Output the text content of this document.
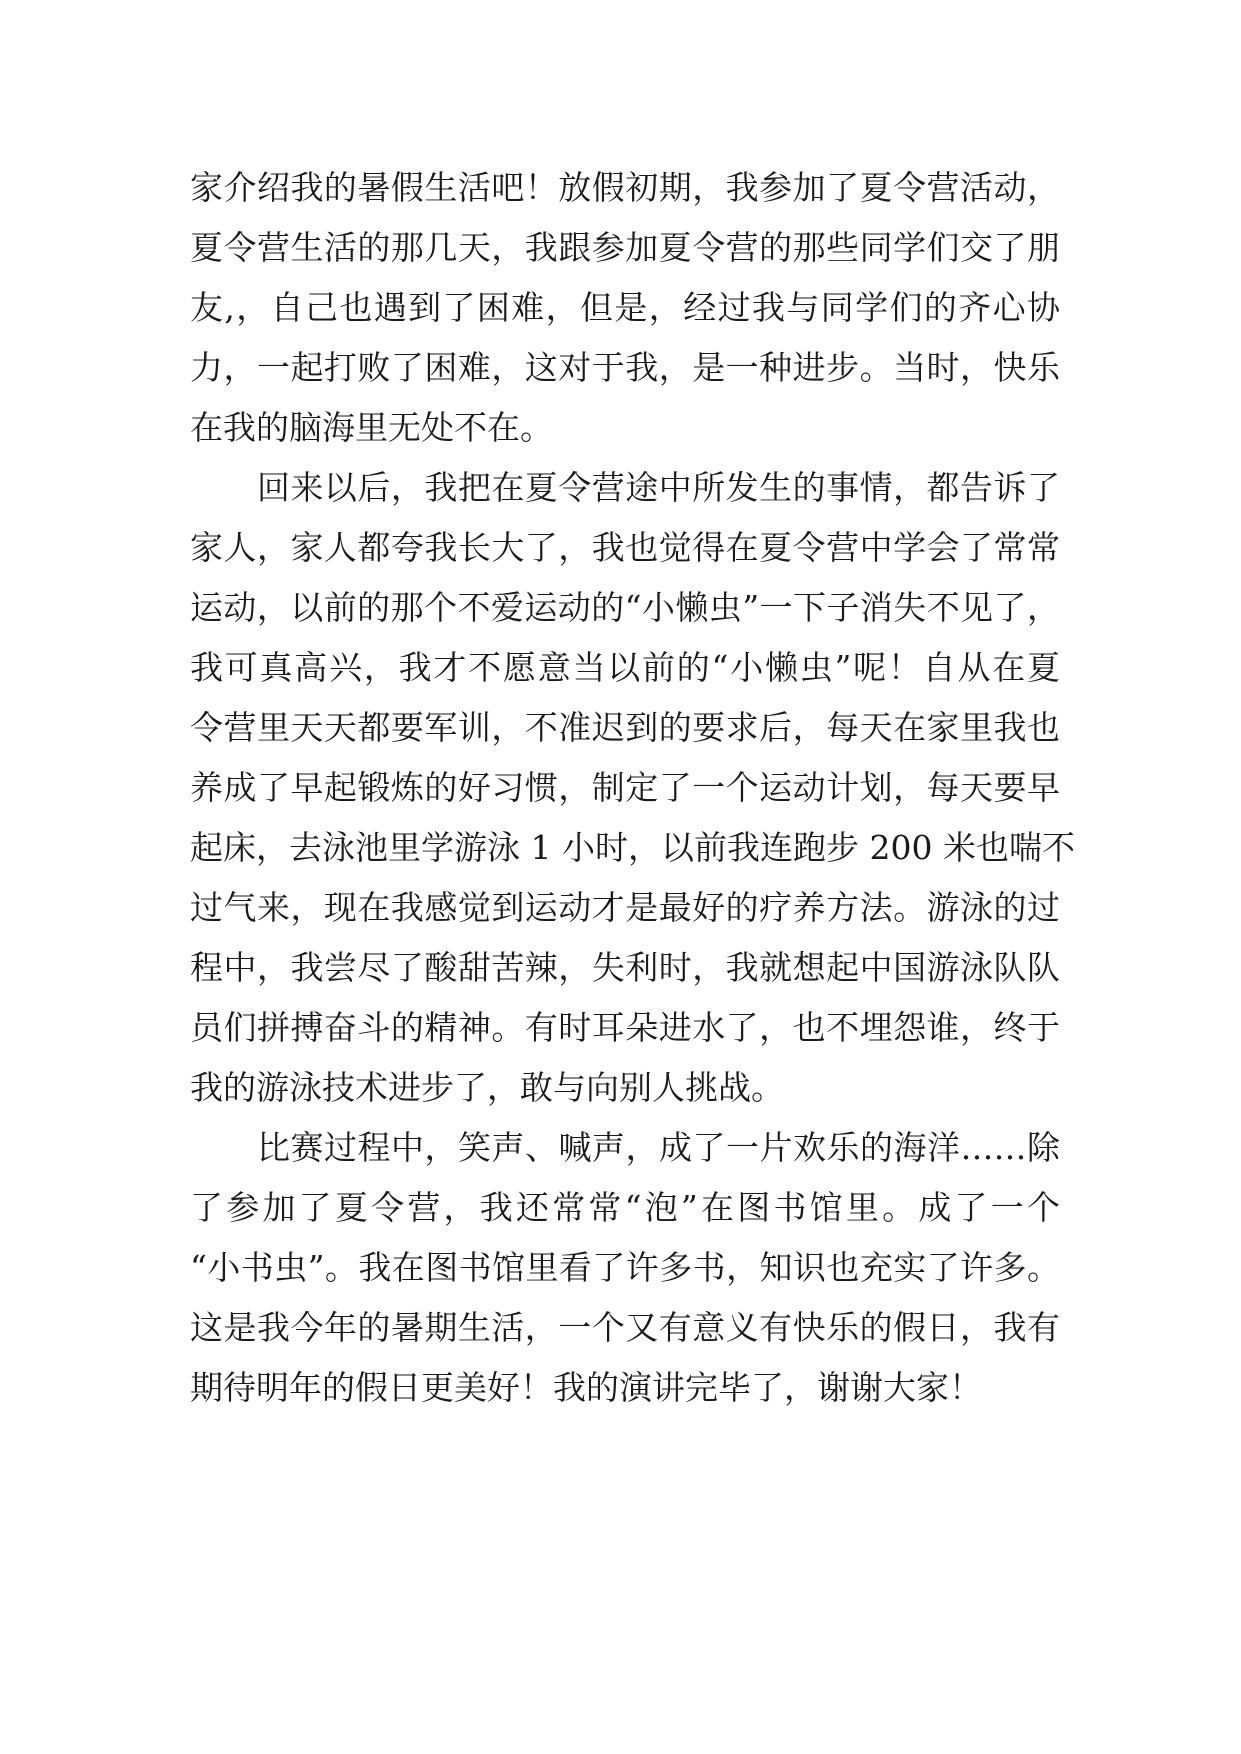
家介绍我的暑假生活吧！放假初期，我参加了夏令营活动，
夏令营生活的那几天，我跟参加夏令营的那些同学们交了朋
友,，自己也遇到了困难，但是，经过我与同学们的齐心协
力，一起打败了困难，这对于我，是一种进步。当时，快乐
在我的脑海里无处不在。
　　回来以后，我把在夏令营途中所发生的事情，都告诉了
家人，家人都夸我长大了，我也觉得在夏令营中学会了常常
运动，以前的那个不爱运动的“小懒虫”一下子消失不见了，
我可真高兴，我才不愿意当以前的“小懒虫”呢！自从在夏
令营里天天都要军训，不准迟到的要求后，每天在家里我也
养成了早起锻炼的好习惯，制定了一个运动计划，每天要早
起床，去泳池里学游泳 1 小时，以前我连跑步 200 米也喘不
过气来，现在我感觉到运动才是最好的疗养方法。游泳的过
程中，我尝尽了酸甜苦辣，失利时，我就想起中国游泳队队
员们拼搏奋斗的精神。有时耳朵进水了，也不埋怨谁，终于
我的游泳技术进步了，敢与向别人挑战。
　　比赛过程中，笑声、喊声，成了一片欢乐的海洋……除
了参加了夏令营，我还常常“泡”在图书馆里。成了一个
“小书虫”。我在图书馆里看了许多书，知识也充实了许多。
这是我今年的暑期生活，一个又有意义有快乐的假日，我有
期待明年的假日更美好！我的演讲完毕了，谢谢大家！
